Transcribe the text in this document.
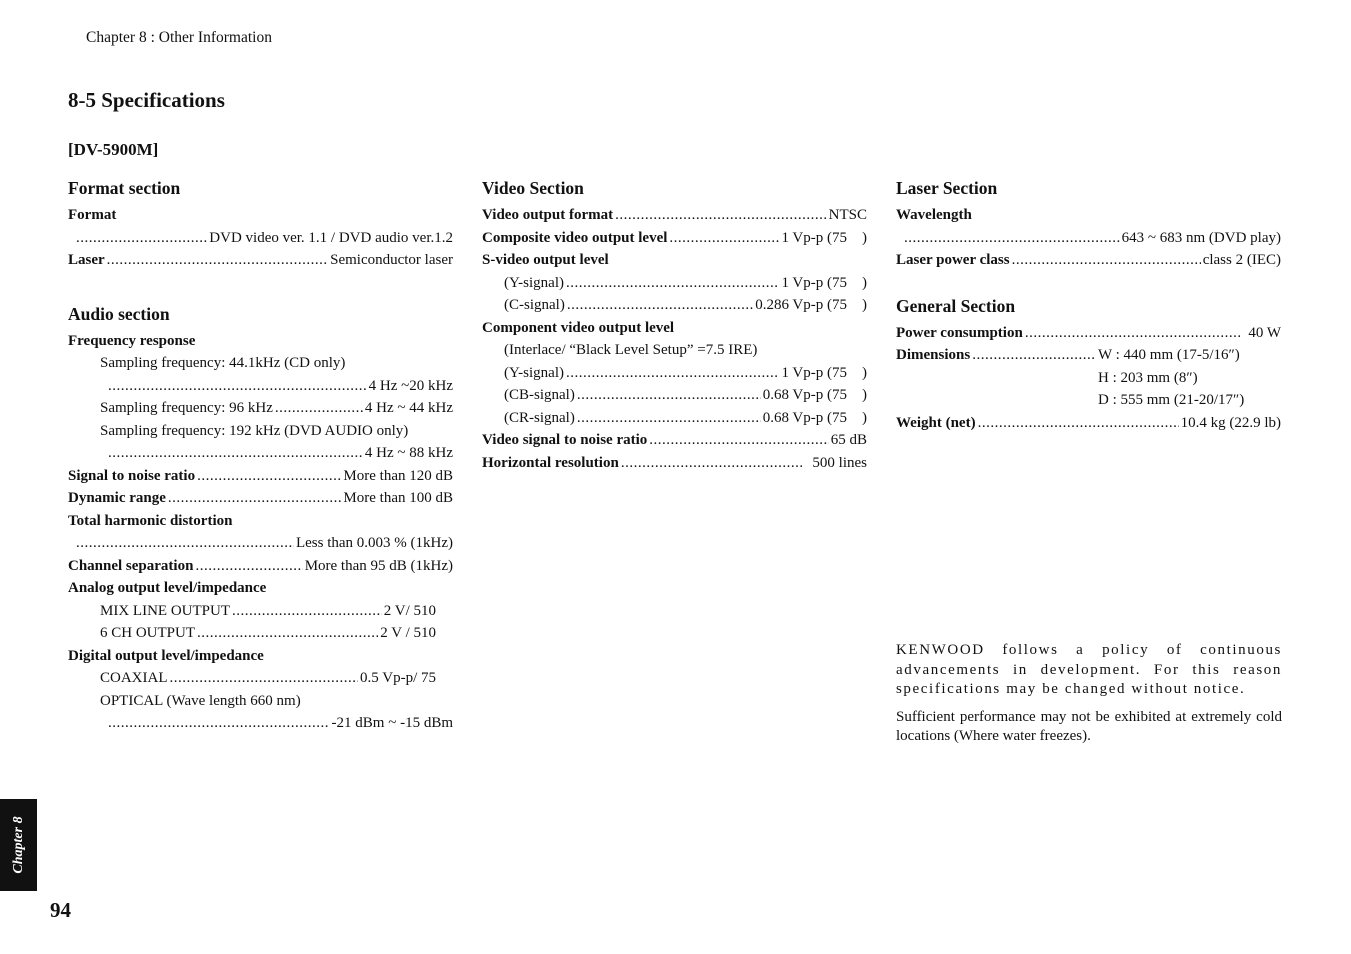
Chapter 8 : Other Information
8-5 Specifications
[DV-5900M]
Format section
Format
.....
DVD video ver. 1.1 / DVD audio ver.1.2
Laser .....	Semiconductor laser
Audio section
Frequency response
Sampling frequency: 44.1kHz (CD only)
.....
4 Hz ~20 kHz
Sampling frequency: 96 kHz .....	4 Hz ~ 44 kHz
Sampling frequency: 192 kHz (DVD AUDIO only)
.....
4 Hz ~ 88 kHz
Signal to noise ratio .....	More than 120 dB
Dynamic range .....	More than 100 dB
Total harmonic distortion
.....
Less than 0.003 % (1kHz)
Channel separation .....	More than 95 dB (1kHz)
Analog output level/impedance
MIX LINE OUTPUT .....	2 V/ 510
6 CH OUTPUT .....	2 V / 510
Digital output level/impedance
COAXIAL .....	0.5 Vp-p/ 75
OPTICAL (Wave length 660 nm)
.....
-21 dBm ~ -15 dBm
Video Section
Video output format .....	NTSC
Composite video output level .....	1 Vp-p (75    )
S-video output level
(Y-signal) .....	1 Vp-p (75    )
(C-signal) .....	0.286 Vp-p (75    )
Component video output level
(Interlace/ “Black Level Setup” =7.5 IRE)
(Y-signal) .....	1 Vp-p (75    )
(CB-signal) .....	0.68 Vp-p (75    )
(CR-signal) .....	0.68 Vp-p (75    )
Video signal to noise ratio .....	65 dB
Horizontal resolution .....	500 lines
Laser Section
Wavelength
.....
643 ~ 683 nm (DVD play)
Laser power class .....	class 2 (IEC)
General Section
Power consumption .....	40 W
Dimensions .....	W : 440 mm (17-5/16″)
H : 203 mm (8″)
D : 555 mm (21-20/17″)
Weight (net) .....	10.4 kg (22.9 lb)

KENWOOD follows a policy of continuous advancements in development. For this reason specifications may be changed without notice.

Sufficient performance may not be exhibited at extremely cold locations (Where water freezes).

Chapter 8
94
